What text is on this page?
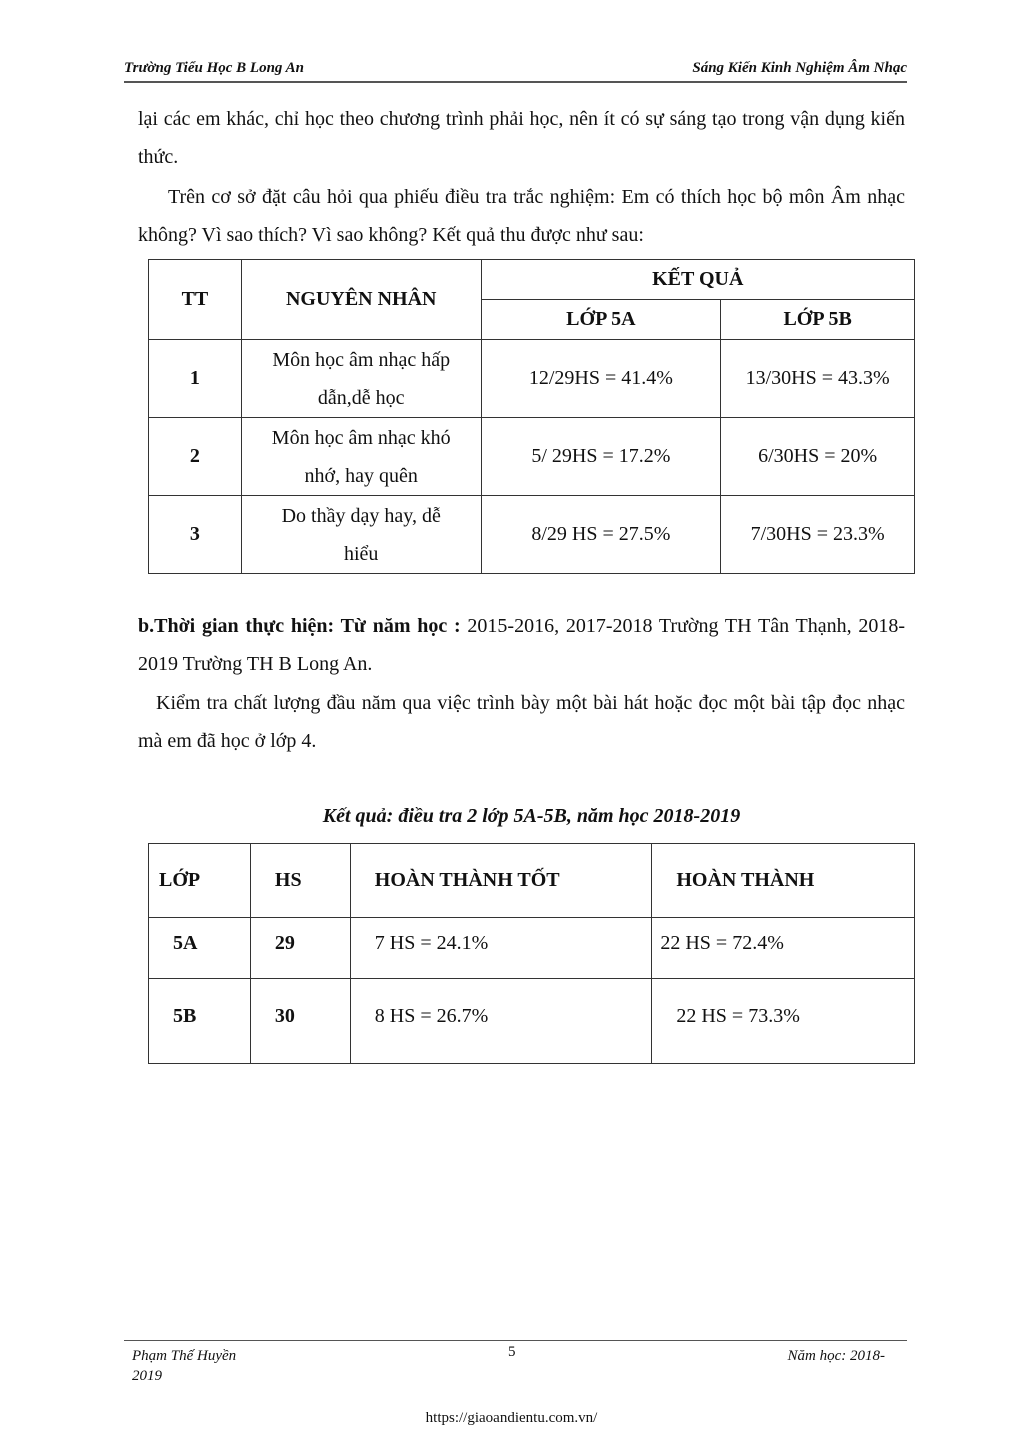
Trường Tiểu Học B Long An	Sáng Kiến Kinh Nghiệm Âm Nhạc

lại các em khác, chỉ học theo chương trình phải học, nên ít có sự sáng tạo trong vận dụng kiến thức.

Trên cơ sở đặt câu hỏi qua phiếu điều tra trắc nghiệm: Em có thích học bộ môn Âm nhạc không? Vì sao thích? Vì sao không? Kết quả thu được như sau:

TT	NGUYÊN NHÂN	KẾT QUẢ	
		LỚP 5A	LỚP 5B
1	Môn học âm nhạc hấp dẫn,dễ học	12/29HS = 41.4%	13/30HS = 43.3%
2	Môn học âm nhạc khó nhớ, hay quên	5/ 29HS = 17.2%	6/30HS = 20%
3	Do thầy dạy hay, dễ hiểu	8/29 HS = 27.5%	7/30HS = 23.3%

b.Thời gian thực hiện: Từ năm học : 2015-2016, 2017-2018 Trường TH Tân Thạnh, 2018-2019 Trường TH B Long An.

Kiểm tra chất lượng đầu năm qua việc trình bày một bài hát hoặc đọc một bài tập đọc nhạc mà em đã học ở lớp 4.

Kết quả: điều tra 2 lớp 5A-5B, năm học 2018-2019
LỚP	HS	HOÀN THÀNH TỐT	HOÀN THÀNH
5A	29	7 HS = 24.1%	22 HS = 72.4%
5B	30	8 HS = 26.7%	22 HS = 73.3%
Phạm Thế Huyền	5	Năm học: 2018-
2019
https://giaoandientu.com.vn/
